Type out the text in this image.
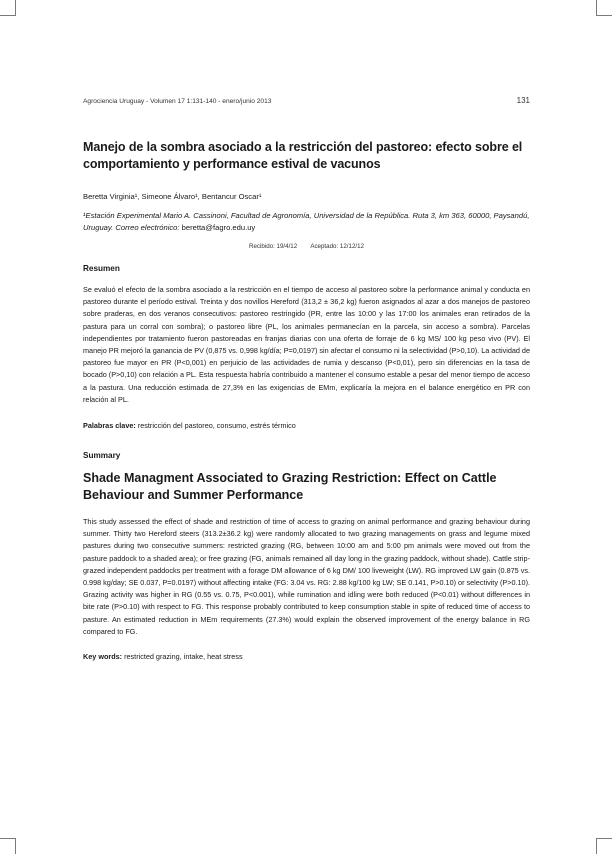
Agrociencia Uruguay - Volumen 17 1:131-140 - enero/junio 2013	131
Manejo de la sombra asociado a la restricción del pastoreo: efecto sobre el comportamiento y performance estival de vacunos
Beretta Virginia¹, Simeone Álvaro¹, Bentancur Oscar¹
¹Estación Experimental Mario A. Cassinoni, Facultad de Agronomía, Universidad de la República. Ruta 3, km 363, 60000, Paysandú, Uruguay. Correo electrónico: beretta@fagro.edu.uy
Recibido: 19/4/12 Aceptado: 12/12/12
Resumen
Se evaluó el efecto de la sombra asociado a la restricción en el tiempo de acceso al pastoreo sobre la performance animal y conducta en pastoreo durante el período estival. Treinta y dos novillos Hereford (313,2 ± 36,2 kg) fueron asignados al azar a dos manejos de pastoreo sobre praderas, en dos veranos consecutivos: pastoreo restringido (PR, entre las 10:00 y las 17:00 los animales eran retirados de la pastura para un corral con sombra); o pastoreo libre (PL, los animales permanecían en la parcela, sin acceso a sombra). Parcelas independientes por tratamiento fueron pastoreadas en franjas diarias con una oferta de forraje de 6 kg MS/ 100 kg peso vivo (PV). El manejo PR mejoró la ganancia de PV (0,875 vs. 0,998 kg/día; P=0,0197) sin afectar el consumo ni la selectividad (P>0,10). La actividad de pastoreo fue mayor en PR (P<0,001) en perjuicio de las actividades de rumia y descanso (P<0,01), pero sin diferencias en la tasa de bocado (P>0,10) con relación a PL. Esta respuesta habría contribuido a mantener el consumo estable a pesar del menor tiempo de acceso a la pastura. Una reducción estimada de 27,3% en las exigencias de EMm, explicaría la mejora en el balance energético en PR con relación al PL.
Palabras clave: restricción del pastoreo, consumo, estrés térmico
Summary
Shade Managment Associated to Grazing Restriction: Effect on Cattle Behaviour and Summer Performance
This study assessed the effect of shade and restriction of time of access to grazing on animal performance and grazing behaviour during summer. Thirty two Hereford steers (313.2±36.2 kg) were randomly allocated to two grazing managements on grass and legume mixed pastures during two consecutive summers: restricted grazing (RG, between 10:00 am and 5:00 pm animals were moved out from the pasture paddock to a shaded area); or free grazing (FG, animals remained all day long in the grazing paddock, without shade). Cattle strip-grazed independent paddocks per treatment with a forage DM allowance of 6 kg DM/ 100 liveweight (LW). RG improved LW gain (0.875 vs. 0.998 kg/day; SE 0.037, P=0.0197) without affecting intake (FG: 3.04 vs. RG: 2.88 kg/100 kg LW; SE 0.141, P>0.10) or selectivity (P>0.10). Grazing activity was higher in RG (0.55 vs. 0.75, P<0.001), while rumination and idling were both reduced (P<0.01) without differences in bite rate (P>0.10) with respect to FG. This response probably contributed to keep consumption stable in spite of reduced time of access to pasture. An estimated reduction in MEm requirements (27.3%) would explain the observed improvement of the energy balance in RG compared to FG.
Key words: restricted grazing, intake, heat stress
